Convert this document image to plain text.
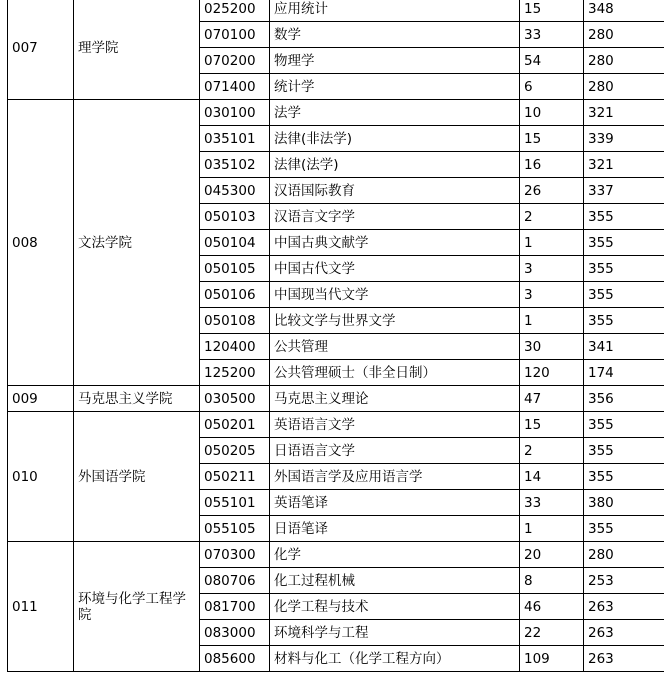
007	理学院	025200	应用统计	15	348
		070100	数学	33	280
		070200	物理学	54	280
		071400	统计学	6	280
008	文法学院	030100	法学	10	321
		035101	法律(非法学)	15	339
		035102	法律(法学)	16	321
		045300	汉语国际教育	26	337
		050103	汉语言文字学	2	355
		050104	中国古典文献学	1	355
		050105	中国古代文学	3	355
		050106	中国现当代文学	3	355
		050108	比较文学与世界文学	1	355
		120400	公共管理	30	341
		125200	公共管理硕士（非全日制）	120	174
009	马克思主义学院	030500	马克思主义理论	47	356
010	外国语学院	050201	英语语言文学	15	355
		050205	日语语言文学	2	355
		050211	外国语言学及应用语言学	14	355
		055101	英语笔译	33	380
		055105	日语笔译	1	355
011	环境与化学工程学院	070300	化学	20	280
		080706	化工过程机械	8	253
		081700	化学工程与技术	46	263
		083000	环境科学与工程	22	263
		085600	材料与化工（化学工程方向）	109	263
